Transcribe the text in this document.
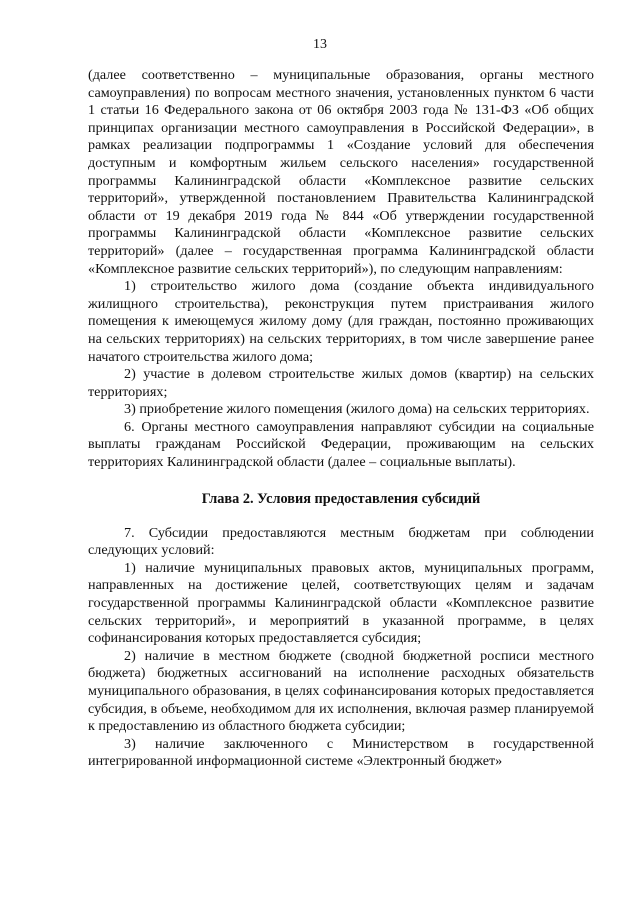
13

(далее соответственно – муниципальные образования, органы местного самоуправления) по вопросам местного значения, установленных пунктом 6 части 1 статьи 16 Федерального закона от 06 октября 2003 года № 131-ФЗ «Об общих принципах организации местного самоуправления в Российской Федерации», в рамках реализации подпрограммы 1 «Создание условий для обеспечения доступным и комфортным жильем сельского населения» государственной программы Калининградской области «Комплексное развитие сельских территорий», утвержденной постановлением Правительства Калининградской области от 19 декабря 2019 года № 844 «Об утверждении государственной программы Калининградской области «Комплексное развитие сельских территорий» (далее – государственная программа Калининградской области «Комплексное развитие сельских территорий»), по следующим направлениям:

1) строительство жилого дома (создание объекта индивидуального жилищного строительства), реконструкция путем пристраивания жилого помещения к имеющемуся жилому дому (для граждан, постоянно проживающих на сельских территориях) на сельских территориях, в том числе завершение ранее начатого строительства жилого дома;

2) участие в долевом строительстве жилых домов (квартир) на сельских территориях;

3) приобретение жилого помещения (жилого дома) на сельских территориях.

6. Органы местного самоуправления направляют субсидии на социальные выплаты гражданам Российской Федерации, проживающим на сельских территориях Калининградской области (далее – социальные выплаты).

Глава 2. Условия предоставления субсидий

7. Субсидии предоставляются местным бюджетам при соблюдении следующих условий:

1) наличие муниципальных правовых актов, муниципальных программ, направленных на достижение целей, соответствующих целям и задачам государственной программы Калининградской области «Комплексное развитие сельских территорий», и мероприятий в указанной программе, в целях софинансирования которых предоставляется субсидия;

2) наличие в местном бюджете (сводной бюджетной росписи местного бюджета) бюджетных ассигнований на исполнение расходных обязательств муниципального образования, в целях софинансирования которых предоставляется субсидия, в объеме, необходимом для их исполнения, включая размер планируемой к предоставлению из областного бюджета субсидии;

3) наличие заключенного с Министерством в государственной интегрированной информационной системе «Электронный бюджет»
